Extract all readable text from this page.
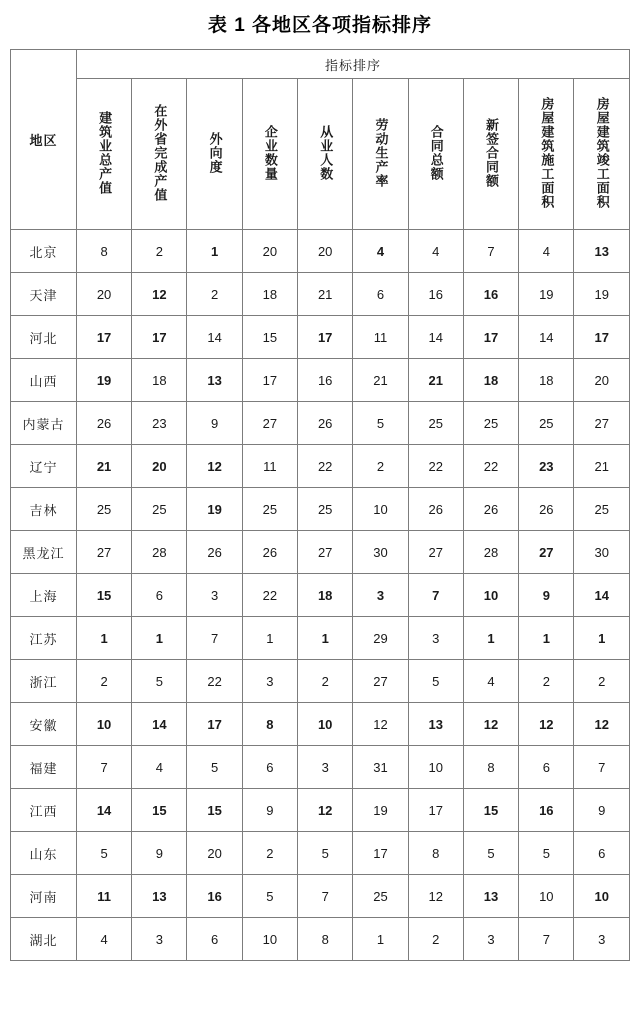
表 1 各地区各项指标排序
地区	指标排序									
	建筑业总产值	在外省完成产值	外向度	企业数量	从业人数	劳动生产率	合同总额	新签合同额	房屋建筑施工面积	房屋建筑竣工面积
北京	8	2	1	20	20	4	4	7	4	13
天津	20	12	2	18	21	6	16	16	19	19
河北	17	17	14	15	17	11	14	17	14	17
山西	19	18	13	17	16	21	21	18	18	20
内蒙古	26	23	9	27	26	5	25	25	25	27
辽宁	21	20	12	11	22	2	22	22	23	21
吉林	25	25	19	25	25	10	26	26	26	25
黑龙江	27	28	26	26	27	30	27	28	27	30
上海	15	6	3	22	18	3	7	10	9	14
江苏	1	1	7	1	1	29	3	1	1	1
浙江	2	5	22	3	2	27	5	4	2	2
安徽	10	14	17	8	10	12	13	12	12	12
福建	7	4	5	6	3	31	10	8	6	7
江西	14	15	15	9	12	19	17	15	16	9
山东	5	9	20	2	5	17	8	5	5	6
河南	11	13	16	5	7	25	12	13	10	10
湖北	4	3	6	10	8	1	2	3	7	3
